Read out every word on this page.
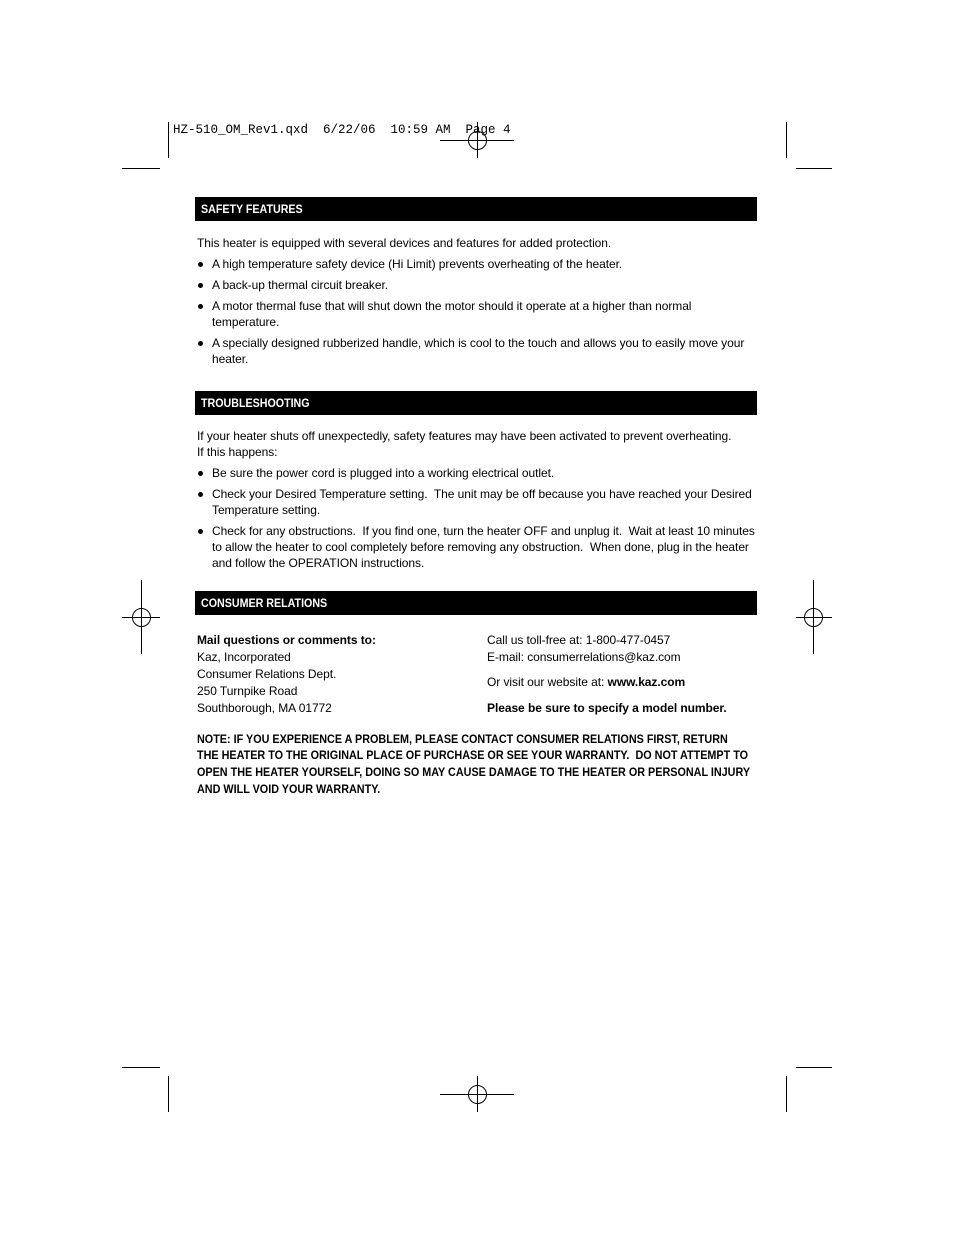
HZ-510_OM_Rev1.qxd  6/22/06  10:59 AM  Page 4
SAFETY FEATURES
This heater is equipped with several devices and features for added protection.
A high temperature safety device (Hi Limit) prevents overheating of the heater.
A back-up thermal circuit breaker.
A motor thermal fuse that will shut down the motor should it operate at a higher than normal
temperature.
A specially designed rubberized handle, which is cool to the touch and allows you to easily move your
heater.
TROUBLESHOOTING
If your heater shuts off unexpectedly, safety features may have been activated to prevent overheating.
If this happens:
Be sure the power cord is plugged into a working electrical outlet.
Check your Desired Temperature setting.  The unit may be off because you have reached your Desired
Temperature setting.
Check for any obstructions.  If you find one, turn the heater OFF and unplug it.  Wait at least 10 minutes
to allow the heater to cool completely before removing any obstruction.  When done, plug in the heater
and follow the OPERATION instructions.
CONSUMER RELATIONS
Mail questions or comments to:
Kaz, Incorporated
Consumer Relations Dept.
250 Turnpike Road
Southborough, MA 01772
Call us toll-free at: 1-800-477-0457
E-mail: consumerrelations@kaz.com
Or visit our website at: www.kaz.com
Please be sure to specify a model number.
NOTE: IF YOU EXPERIENCE A PROBLEM, PLEASE CONTACT CONSUMER RELATIONS FIRST, RETURN
THE HEATER TO THE ORIGINAL PLACE OF PURCHASE OR SEE YOUR WARRANTY.  DO NOT ATTEMPT TO
OPEN THE HEATER YOURSELF, DOING SO MAY CAUSE DAMAGE TO THE HEATER OR PERSONAL INJURY
AND WILL VOID YOUR WARRANTY.
